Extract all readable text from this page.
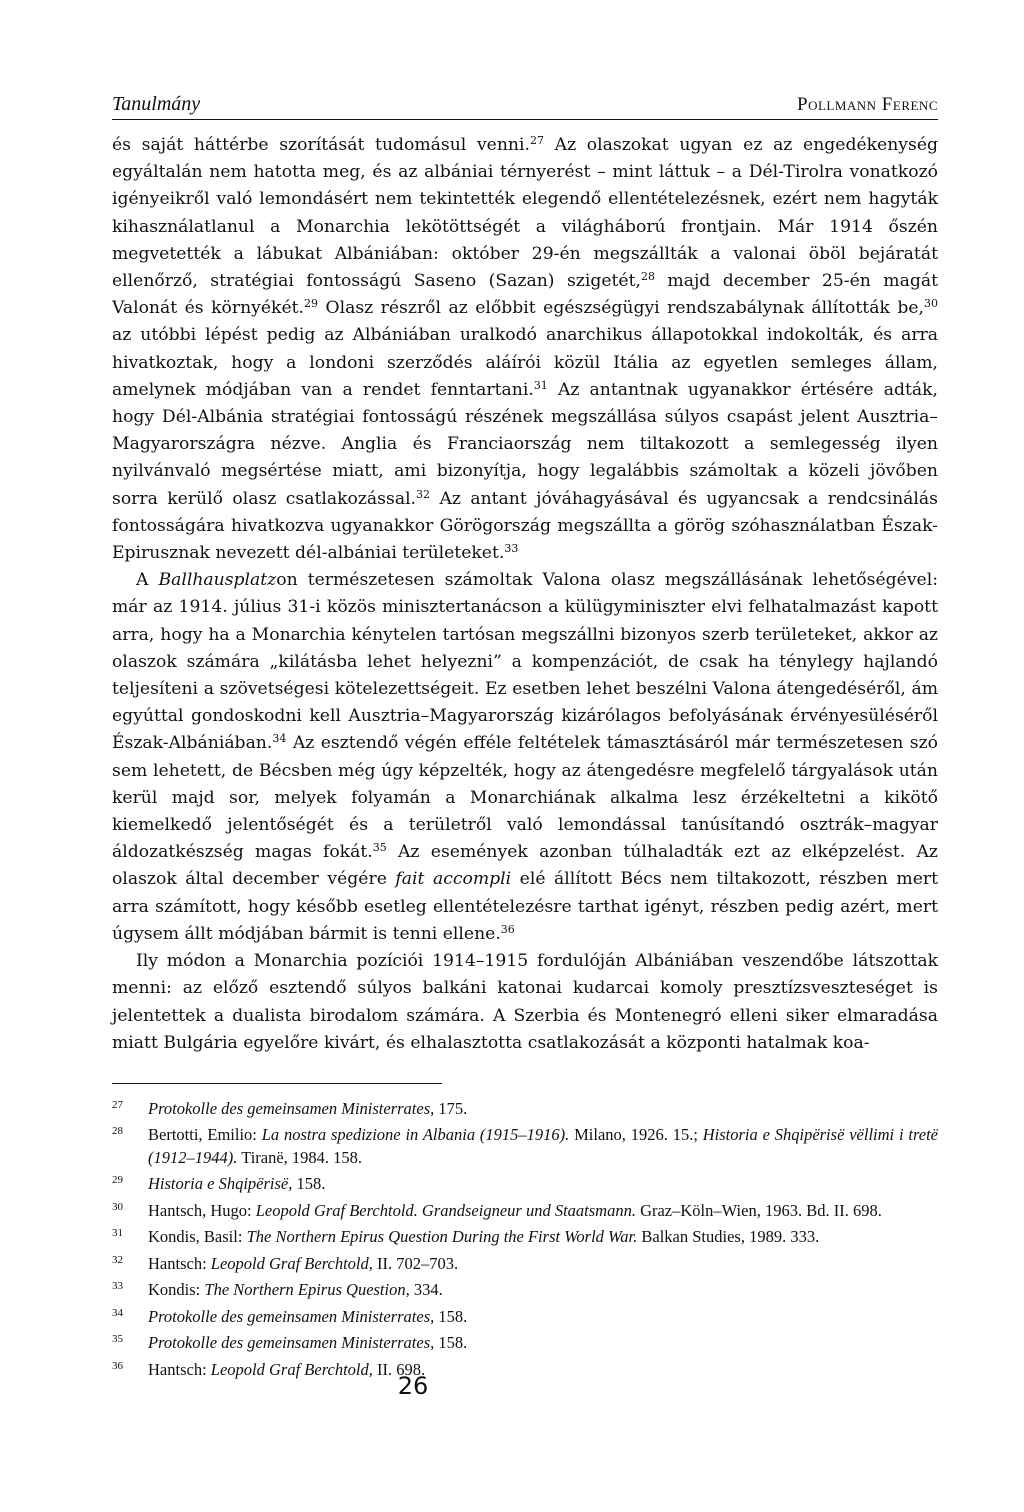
Tanulmány	Pollmann Ferenc

és saját háttérbe szorítását tudomásul venni.$^{27}$ Az olaszokat ugyan ez az engedékenység egyáltalán nem hatotta meg, és az albániai térnyerést – mint láttuk – a Dél-Tirolra vonatkozó igényeikről való lemondásért nem tekintették elegendő ellentételezésnek, ezért nem hagyták kihasználatlanul a Monarchia lekötöttségét a világháború frontjain. Már 1914 őszén megvetették a lábukat Albániában: október 29-én megszállták a valonai öböl bejáratát ellenőrző, stratégiai fontosságú Saseno (Sazan) szigetét,$^{28}$ majd december 25-én magát Valonát és környékét.$^{29}$ Olasz részről az előbbit egészségügyi rendszabálynak állították be,$^{30}$ az utóbbi lépést pedig az Albániában uralkodó anarchikus állapotokkal indokolták, és arra hivatkoztak, hogy a londoni szerződés aláírói közül Itália az egyetlen semleges állam, amelynek módjában van a rendet fenntartani.$^{31}$ Az antantnak ugyanakkor értésére adták, hogy Dél-Albánia stratégiai fontosságú részének megszállása súlyos csapást jelent Ausztria–Magyarországra nézve. Anglia és Franciaország nem tiltakozott a semlegesség ilyen nyilvánvaló megsértése miatt, ami bizonyítja, hogy legalábbis számoltak a közeli jövőben sorra kerülő olasz csatlakozással.$^{32}$ Az antant jóváhagyásával és ugyancsak a rendcsinálás fontosságára hivatkozva ugyanakkor Görögország megszállta a görög szóhasználatban Észak-Epirusznak nevezett dél-albániai területeket.$^{33}$

A Ballhausplatzon természetesen számoltak Valona olasz megszállásának lehetőségével: már az 1914. július 31-i közös minisztertanácson a külügyminiszter elvi felhatalmazást kapott arra, hogy ha a Monarchia kénytelen tartósan megszállni bizonyos szerb területeket, akkor az olaszok számára „kilátásba lehet helyezni” a kompenzációt, de csak ha ténylegy hajlandó teljesíteni a szövetségesi kötelezettségeit. Ez esetben lehet beszélni Valona átengedéséről, ám egyúttal gondoskodni kell Ausztria–Magyarország kizárólagos befolyásának érvényesüléséről Észak-Albániában.$^{34}$ Az esztendő végén efféle feltételek támasztásáról már természetesen szó sem lehetett, de Bécsben még úgy képzelték, hogy az átengedésre megfelelő tárgyalások után kerül majd sor, melyek folyamán a Monarchiának alkalma lesz érzékeltetni a kikötő kiemelkedő jelentőségét és a területről való lemondással tanúsítandó osztrák–magyar áldozatkészség magas fokát.$^{35}$ Az események azonban túlhaladták ezt az elképzelést. Az olaszok által december végére fait accompli elé állított Bécs nem tiltakozott, részben mert arra számított, hogy később esetleg ellentételezésre tarthat igényt, részben pedig azért, mert úgysem állt módjában bármit is tenni ellene.$^{36}$

Ily módon a Monarchia pozíciói 1914–1915 fordulóján Albániában veszendőbe látszottak menni: az előző esztendő súlyos balkáni katonai kudarcai komoly presztízsveszteséget is jelentettek a dualista birodalom számára. A Szerbia és Montenegró elleni siker elmaradása miatt Bulgária egyelőre kivárt, és elhalasztotta csatlakozását a központi hatalmak koa-

27	Protokolle des gemeinsamen Ministerrates, 175.
28	Bertotti, Emilio: La nostra spedizione in Albania (1915–1916). Milano, 1926. 15.; Historia e Shqipërisë vëllimi i tretë (1912–1944). Tiranë, 1984. 158.
29	Historia e Shqipërisë, 158.
30	Hantsch, Hugo: Leopold Graf Berchtold. Grandseigneur und Staatsmann. Graz–Köln–Wien, 1963. Bd. II. 698.
31	Kondis, Basil: The Northern Epirus Question During the First World War. Balkan Studies, 1989. 333.
32	Hantsch: Leopold Graf Berchtold, II. 702–703.
33	Kondis: The Northern Epirus Question, 334.
34	Protokolle des gemeinsamen Ministerrates, 158.
35	Protokolle des gemeinsamen Ministerrates, 158.
36	Hantsch: Leopold Graf Berchtold, II. 698.
26
